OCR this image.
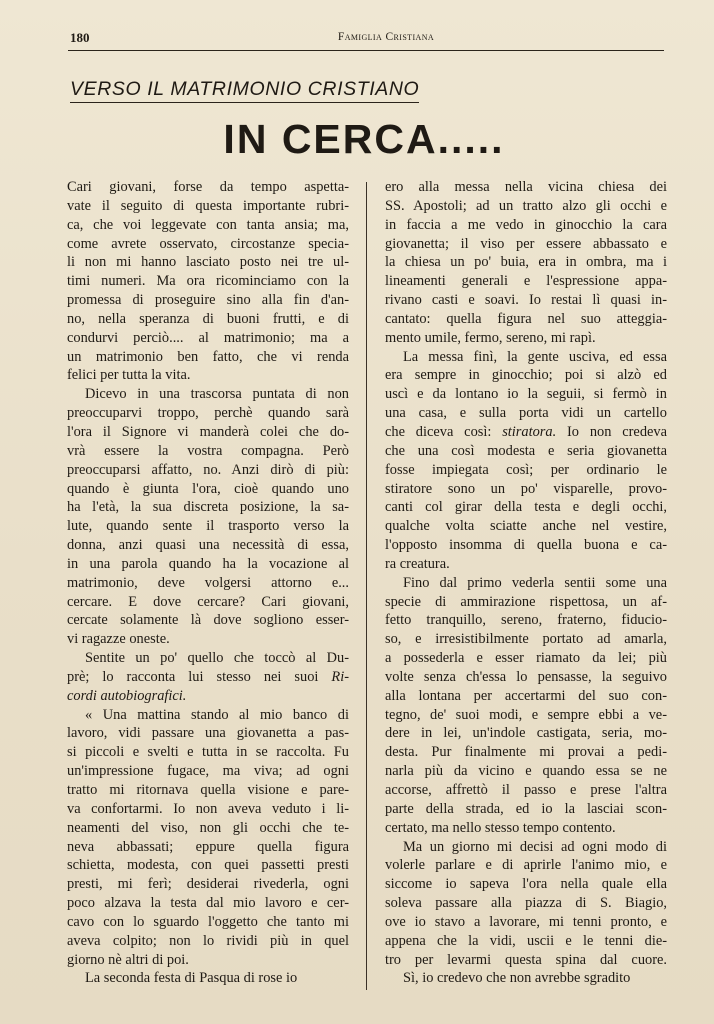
180	Famiglia Cristiana
VERSO IL MATRIMONIO CRISTIANO
IN CERCA.....
Cari giovani, forse da tempo aspetta-
vate il seguito di questa importante rubri-
ca, che voi leggevate con tanta ansia; ma,
come avrete osservato, circostanze specia-
li non mi hanno lasciato posto nei tre ul-
timi numeri. Ma ora ricominciamo con la
promessa di proseguire sino alla fin d'an-
no, nella speranza di buoni frutti, e di
condurvi perciò.... al matrimonio; ma a
un matrimonio ben fatto, che vi renda
felici per tutta la vita.
Dicevo in una trascorsa puntata di non
preoccuparvi troppo, perchè quando sarà
l'ora il Signore vi manderà colei che do-
vrà essere la vostra compagna. Però
preoccuparsi affatto, no. Anzi dirò di più:
quando è giunta l'ora, cioè quando uno
ha l'età, la sua discreta posizione, la sa-
lute, quando sente il trasporto verso la
donna, anzi quasi una necessità di essa,
in una parola quando ha la vocazione al
matrimonio, deve volgersi attorno e...
cercare. E dove cercare? Cari giovani,
cercate solamente là dove sogliono esser-
vi ragazze oneste.
Sentite un po' quello che toccò al Du-
prè; lo racconta lui stesso nei suoi Ri-
cordi autobiografici.
« Una mattina stando al mio banco di
lavoro, vidi passare una giovanetta a pas-
si piccoli e svelti e tutta in se raccolta. Fu
un'impressione fugace, ma viva; ad ogni
tratto mi ritornava quella visione e pare-
va confortarmi. Io non aveva veduto i li-
neamenti del viso, non gli occhi che te-
neva abbassati; eppure quella figura
schietta, modesta, con quei passetti presti
presti, mi ferì; desiderai rivederla, ogni
poco alzava la testa dal mio lavoro e cer-
cavo con lo sguardo l'oggetto che tanto mi
aveva colpito; non lo rividi più in quel
giorno nè altri di poi.
La seconda festa di Pasqua di rose io
ero alla messa nella vicina chiesa dei
SS. Apostoli; ad un tratto alzo gli occhi e
in faccia a me vedo in ginocchio la cara
giovanetta; il viso per essere abbassato e
la chiesa un po' buia, era in ombra, ma i
lineamenti generali e l'espressione appa-
rivano casti e soavi. Io restai lì quasi in-
cantato: quella figura nel suo atteggia-
mento umile, fermo, sereno, mi rapì.
La messa finì, la gente usciva, ed essa
era sempre in ginocchio; poi si alzò ed
uscì e da lontano io la seguii, si fermò in
una casa, e sulla porta vidi un cartello
che diceva così: stiratora. Io non credeva
che una così modesta e seria giovanetta
fosse impiegata così; per ordinario le
stiratore sono un po' visparelle, provo-
canti col girar della testa e degli occhi,
qualche volta sciatte anche nel vestire,
l'opposto insomma di quella buona e ca-
ra creatura.
Fino dal primo vederla sentii some una
specie di ammirazione rispettosa, un af-
fetto tranquillo, sereno, fraterno, fiducio-
so, e irresistibilmente portato ad amarla,
a possederla e esser riamato da lei; più
volte senza ch'essa lo pensasse, la seguivo
alla lontana per accertarmi del suo con-
tegno, de' suoi modi, e sempre ebbi a ve-
dere in lei, un'indole castigata, seria, mo-
desta. Pur finalmente mi provai a pedi-
narla più da vicino e quando essa se ne
accorse, affrettò il passo e prese l'altra
parte della strada, ed io la lasciai scon-
certato, ma nello stesso tempo contento.
Ma un giorno mi decisi ad ogni modo di
volerle parlare e di aprirle l'animo mio, e
siccome io sapeva l'ora nella quale ella
soleva passare alla piazza di S. Biagio,
ove io stavo a lavorare, mi tenni pronto, e
appena che la vidi, uscii e le tenni die-
tro per levarmi questa spina dal cuore.
Sì, io credevo che non avrebbe sgradito
